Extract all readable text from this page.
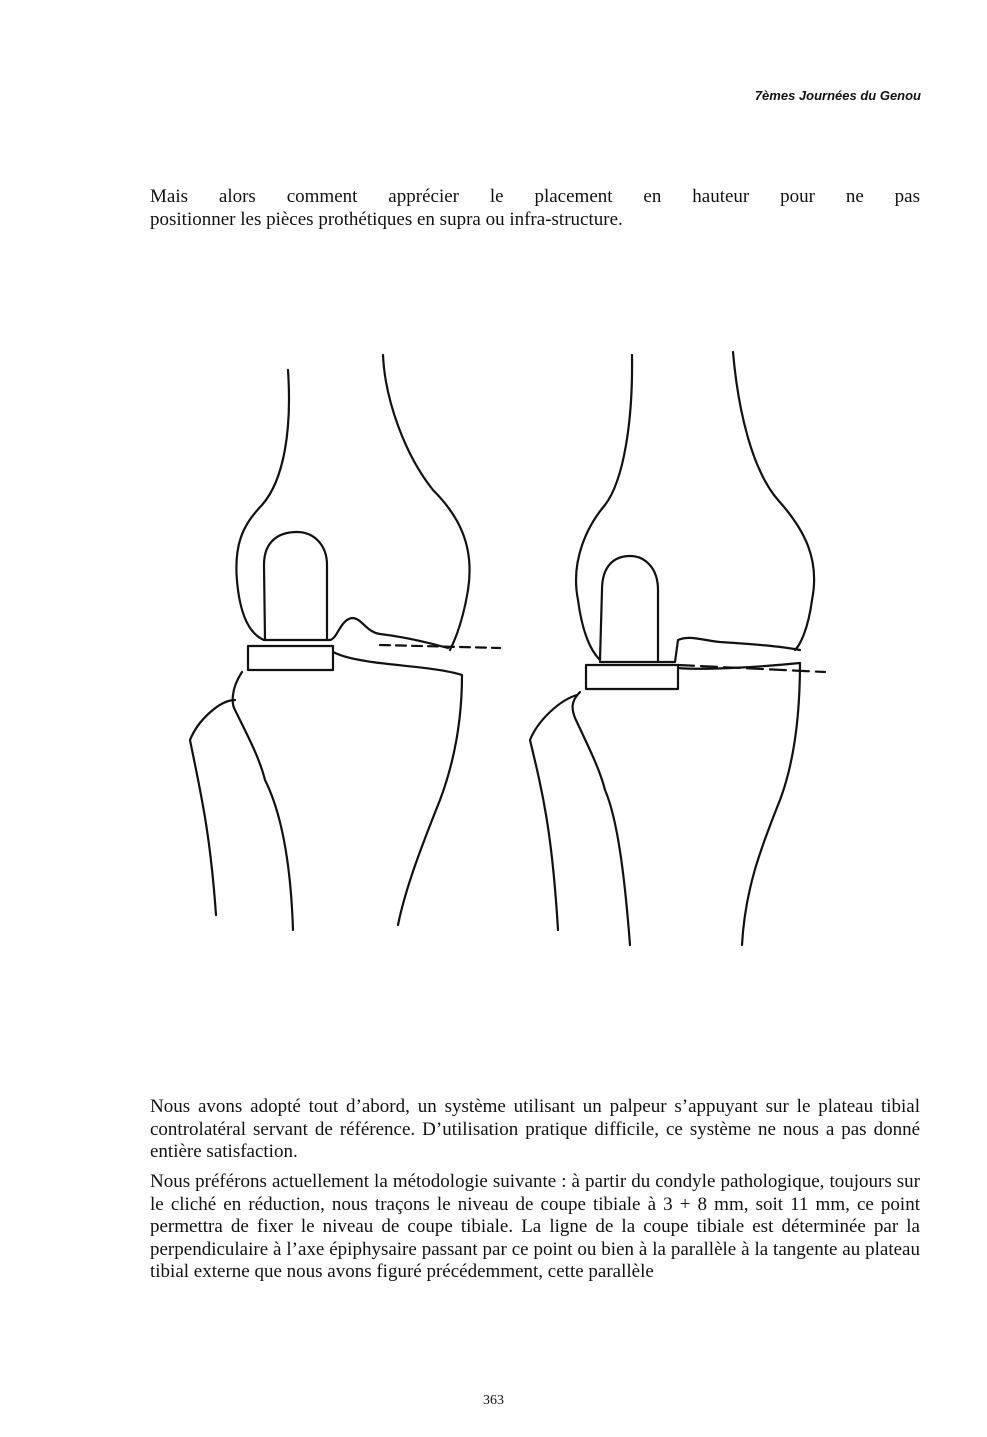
7èmes Journées du Genou

Mais alors comment apprécier le placement en hauteur pour ne pas
positionner les pièces prothétiques en supra ou infra-structure.

Nous avons adopté tout d’abord, un système utilisant un palpeur s’appuyant sur le plateau tibial controlatéral servant de référence. D’utilisation pratique difficile, ce système ne nous a pas donné entière satisfaction.

Nous préférons actuellement la métodologie suivante : à partir du condyle pathologique, toujours sur le cliché en réduction, nous traçons le niveau de coupe tibiale à 3 + 8 mm, soit 11 mm, ce point permettra de fixer le niveau de coupe tibiale. La ligne de la coupe tibiale est déterminée par la perpendiculaire à l’axe épiphysaire passant par ce point ou bien à la parallèle à la tangente au plateau tibial externe que nous avons figuré précédemment, cette parallèle

363
